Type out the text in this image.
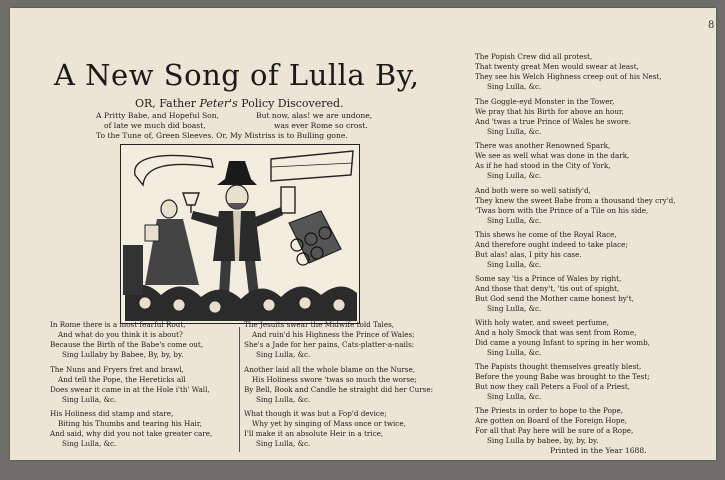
8
A New Song of Lulla By,
OR, Father Peter's Policy Discovered.
A Pritty Babe, and Hopeful Son,
of late we much did boast,
But now, alas! we are undone,
was ever Rome so crost.
To the Tune of, Green Sleeves. Or, My Mistriss is to Bulling gone.
In Rome there is a most fearful Rout,
And what do you think it is about?
Because the Birth of the Babe's come out,
Sing Lullaby by Babee, By, by, by.
The Nuns and Fryers fret and brawl,
And tell the Pope, the Hereticks all
Does swear it came in at the Hole i'th' Wall,
Sing Lulla, &c.
His Holiness did stamp and stare,
Biting his Thumbs and tearing his Hair,
And said, why did you not take greater care,
Sing Lulla, &c.
The Jesuits swear the Midwife told Tales,
And ruin'd his Highness the Prince of Wales;
She's a Jade for her pains, Cats-platter-a-nails:
Sing Lulla, &c.
Another laid all the whole blame on the Nurse,
His Holiness swore 'twas so much the worse;
By Bell, Book and Candle he straight did her Curse:
Sing Lulla, &c.
What though it was but a Fop'd device;
Why yet by singing of Mass once or twice,
I'll make it an absolute Heir in a trice,
Sing Lulla, &c.
The Popish Crew did all protest,
That twenty great Men would swear at least,
They see his Welch Highness creep out of his Nest,
Sing Lulla, &c.
The Goggle-eyd Monster in the Tower,
We pray that his Birth for above an hour,
And 'twas a true Prince of Wales he swore.
Sing Lulla, &c.
There was another Renowned Spark,
We see as well what was done in the dark,
As if he had stood in the City of York,
Sing Lulla, &c.
And both were so well satisfy'd,
They knew the sweet Babe from a thousand they cry'd,
'Twas born with the Prince of a Tile on his side,
Sing Lulla, &c.
This shews he come of the Royal Race,
And therefore ought indeed to take place;
But alas! alas, I pity his case.
Sing Lulla, &c.
Some say 'tis a Prince of Wales by right,
And those that deny't, 'tis out of spight,
But God send the Mother came honest by't,
Sing Lulla, &c.
With holy water, and sweet perfume,
And a holy Smock that was sent from Rome,
Did came a young Infant to spring in her womb,
Sing Lulla, &c.
The Papists thought themselves greatly blest,
Before the young Babe was brought to the Test;
But now they call Peters a Fool of a Priest,
Sing Lulla, &c.
The Priests in order to hope to the Pope,
Are gotten on Board of the Foreign Hope,
For all that Pay here will be sure of a Rope,
Sing Lulla by babee, by, by, by.
Printed in the Year 1688.
